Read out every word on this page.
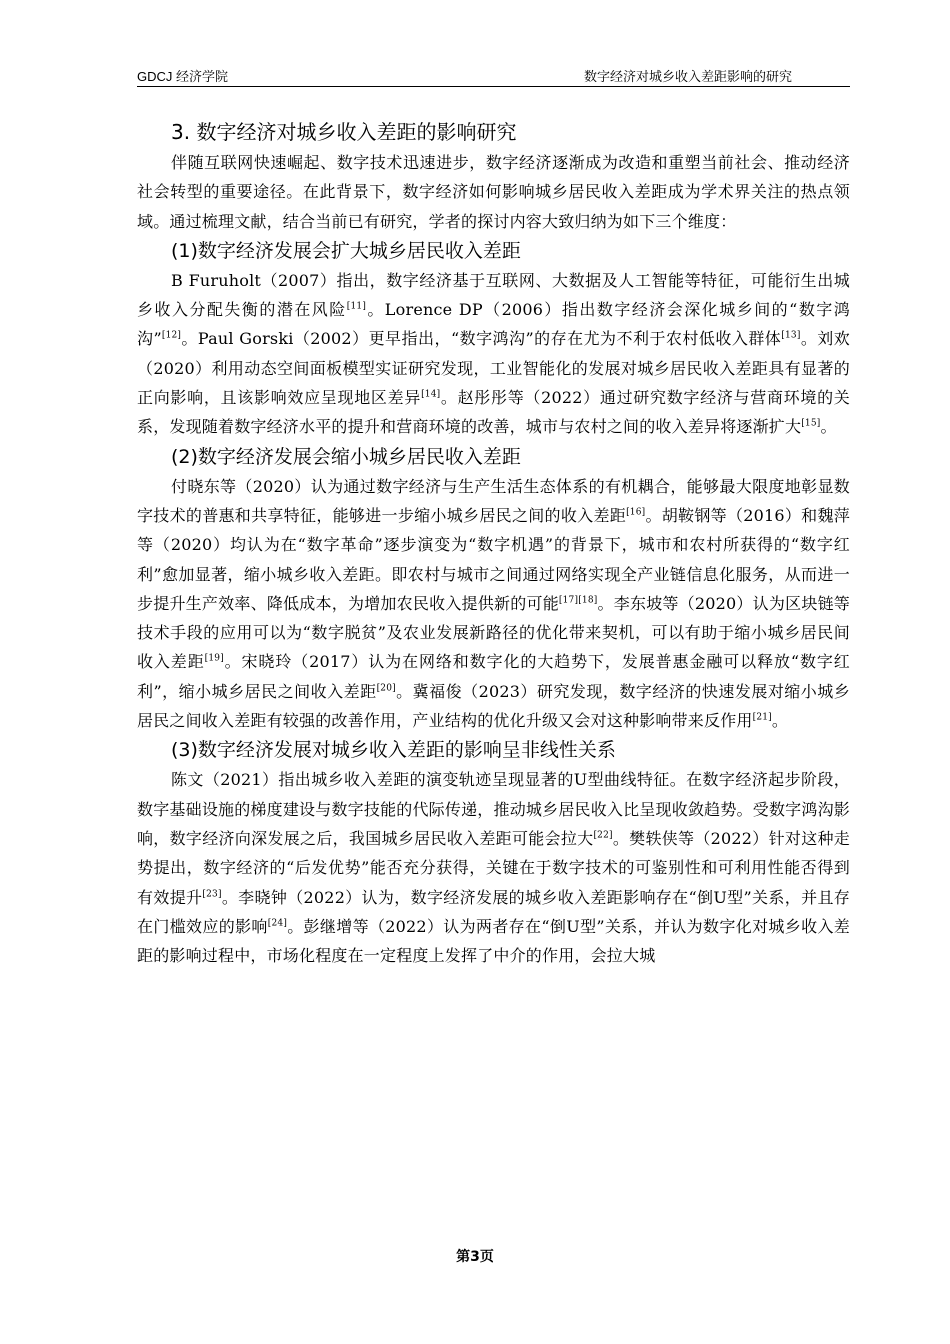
GDCJ 经济学院	数字经济对城乡收入差距影响的研究
3. 数字经济对城乡收入差距的影响研究

伴随互联网快速崛起、数字技术迅速进步，数字经济逐渐成为改造和重塑当前社会、推动经济社会转型的重要途径。在此背景下，数字经济如何影响城乡居民收入差距成为学术界关注的热点领域。通过梳理文献，结合当前已有研究，学者的探讨内容大致归纳为如下三个维度：

(1)数字经济发展会扩大城乡居民收入差距

B Furuholt（2007）指出，数字经济基于互联网、大数据及人工智能等特征，可能衍生出城乡收入分配失衡的潜在风险[11]。Lorence DP（2006）指出数字经济会深化城乡间的“数字鸿沟”[12]。Paul Gorski（2002）更早指出，“数字鸿沟”的存在尤为不利于农村低收入群体[13]。刘欢（2020）利用动态空间面板模型实证研究发现，工业智能化的发展对城乡居民收入差距具有显著的正向影响，且该影响效应呈现地区差异[14]。赵彤彤等（2022）通过研究数字经济与营商环境的关系，发现随着数字经济水平的提升和营商环境的改善，城市与农村之间的收入差异将逐渐扩大[15]。

(2)数字经济发展会缩小城乡居民收入差距

付晓东等（2020）认为通过数字经济与生产生活生态体系的有机耦合，能够最大限度地彰显数字技术的普惠和共享特征，能够进一步缩小城乡居民之间的收入差距[16]。胡鞍钢等（2016）和魏萍等（2020）均认为在“数字革命”逐步演变为“数字机遇”的背景下，城市和农村所获得的“数字红利”愈加显著，缩小城乡收入差距。即农村与城市之间通过网络实现全产业链信息化服务，从而进一步提升生产效率、降低成本，为增加农民收入提供新的可能[17][18]。李东坡等（2020）认为区块链等技术手段的应用可以为“数字脱贫”及农业发展新路径的优化带来契机，可以有助于缩小城乡居民间收入差距[19]。宋晓玲（2017）认为在网络和数字化的大趋势下，发展普惠金融可以释放“数字红利”，缩小城乡居民之间收入差距[20]。冀福俊（2023）研究发现，数字经济的快速发展对缩小城乡居民之间收入差距有较强的改善作用，产业结构的优化升级又会对这种影响带来反作用[21]。

(3)数字经济发展对城乡收入差距的影响呈非线性关系

陈文（2021）指出城乡收入差距的演变轨迹呈现显著的U型曲线特征。在数字经济起步阶段，数字基础设施的梯度建设与数字技能的代际传递，推动城乡居民收入比呈现收敛趋势。受数字鸿沟影响，数字经济向深发展之后，我国城乡居民收入差距可能会拉大[22]。樊轶侠等（2022）针对这种走势提出，数字经济的“后发优势”能否充分获得，关键在于数字技术的可鉴别性和可利用性能否得到有效提升[23]。李晓钟（2022）认为，数字经济发展的城乡收入差距影响存在“倒U型”关系，并且存在门槛效应的影响[24]。彭继增等（2022）认为两者存在“倒U型”关系，并认为数字化对城乡收入差距的影响过程中，市场化程度在一定程度上发挥了中介的作用，会拉大城

第3页
